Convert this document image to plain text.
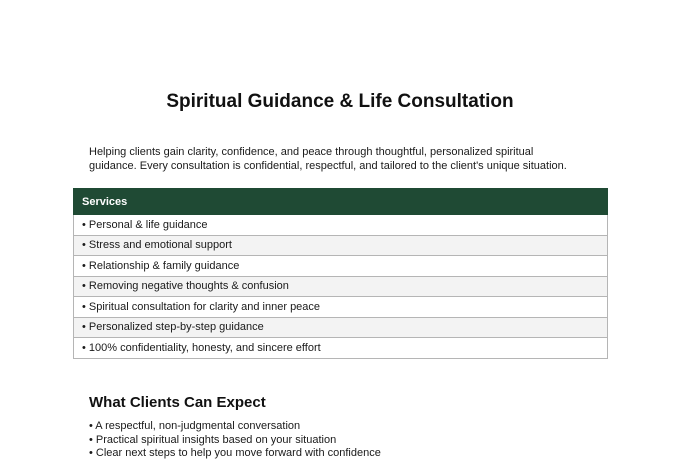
Spiritual Guidance & Life Consultation

Helping clients gain clarity, confidence, and peace through thoughtful, personalized spiritual
guidance. Every consultation is confidential, respectful, and tailored to the client's unique situation.

Services
• Personal & life guidance
• Stress and emotional support
• Relationship & family guidance
• Removing negative thoughts & confusion
• Spiritual consultation for clarity and inner peace
• Personalized step-by-step guidance
• 100% confidentiality, honesty, and sincere effort
What Clients Can Expect
• A respectful, non-judgmental conversation
• Practical spiritual insights based on your situation
• Clear next steps to help you move forward with confidence
